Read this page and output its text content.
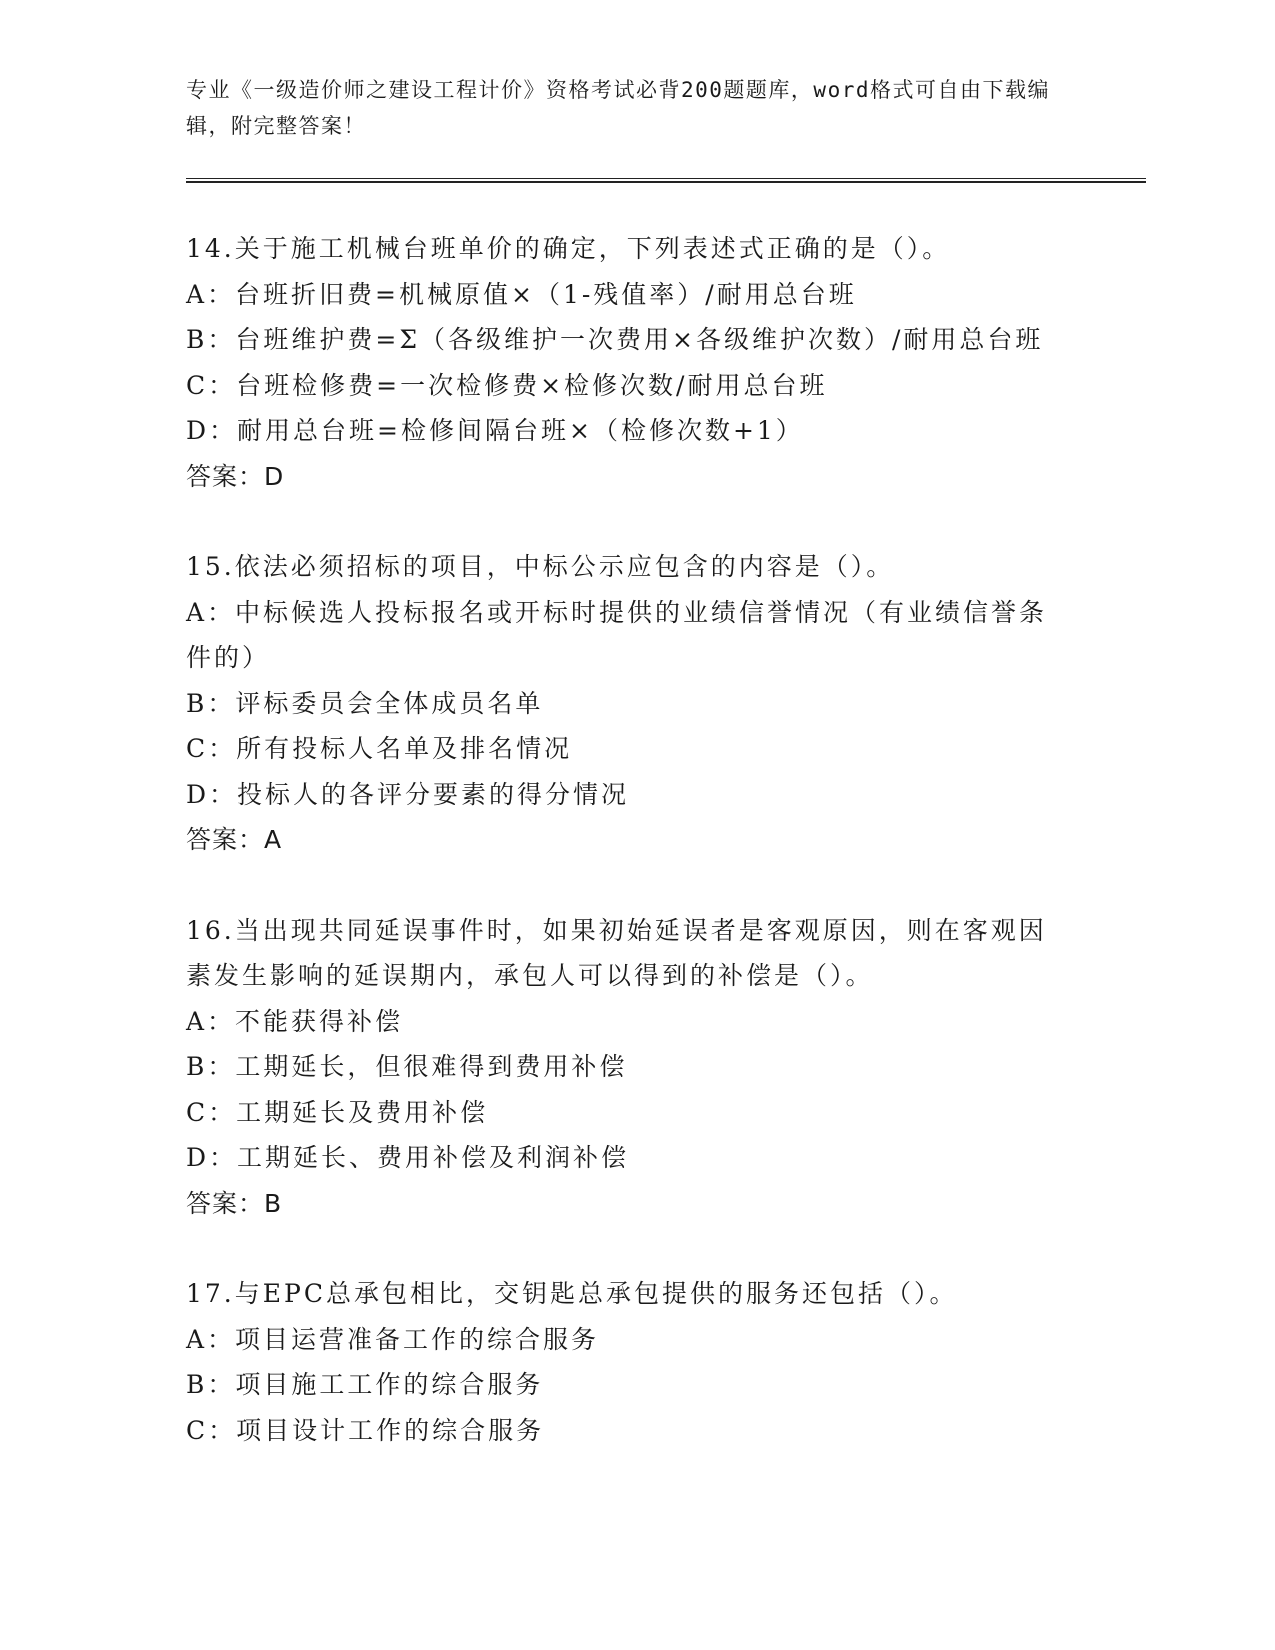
专业《一级造价师之建设工程计价》资格考试必背200题题库，word格式可自由下载编辑，附完整答案！
14.关于施工机械台班单价的确定，下列表述式正确的是（）。
A：台班折旧费=机械原值×（1-残值率）/耐用总台班
B：台班维护费=Σ（各级维护一次费用×各级维护次数）/耐用总台班
C：台班检修费=一次检修费×检修次数/耐用总台班
D：耐用总台班=检修间隔台班×（检修次数+1）
答案：D
15.依法必须招标的项目，中标公示应包含的内容是（）。
A：中标候选人投标报名或开标时提供的业绩信誉情况（有业绩信誉条件的）
B：评标委员会全体成员名单
C：所有投标人名单及排名情况
D：投标人的各评分要素的得分情况
答案：A
16.当出现共同延误事件时，如果初始延误者是客观原因，则在客观因素发生影响的延误期内，承包人可以得到的补偿是（）。
A：不能获得补偿
B：工期延长，但很难得到费用补偿
C：工期延长及费用补偿
D：工期延长、费用补偿及利润补偿
答案：B
17.与EPC总承包相比，交钥匙总承包提供的服务还包括（）。
A：项目运营准备工作的综合服务
B：项目施工工作的综合服务
C：项目设计工作的综合服务
